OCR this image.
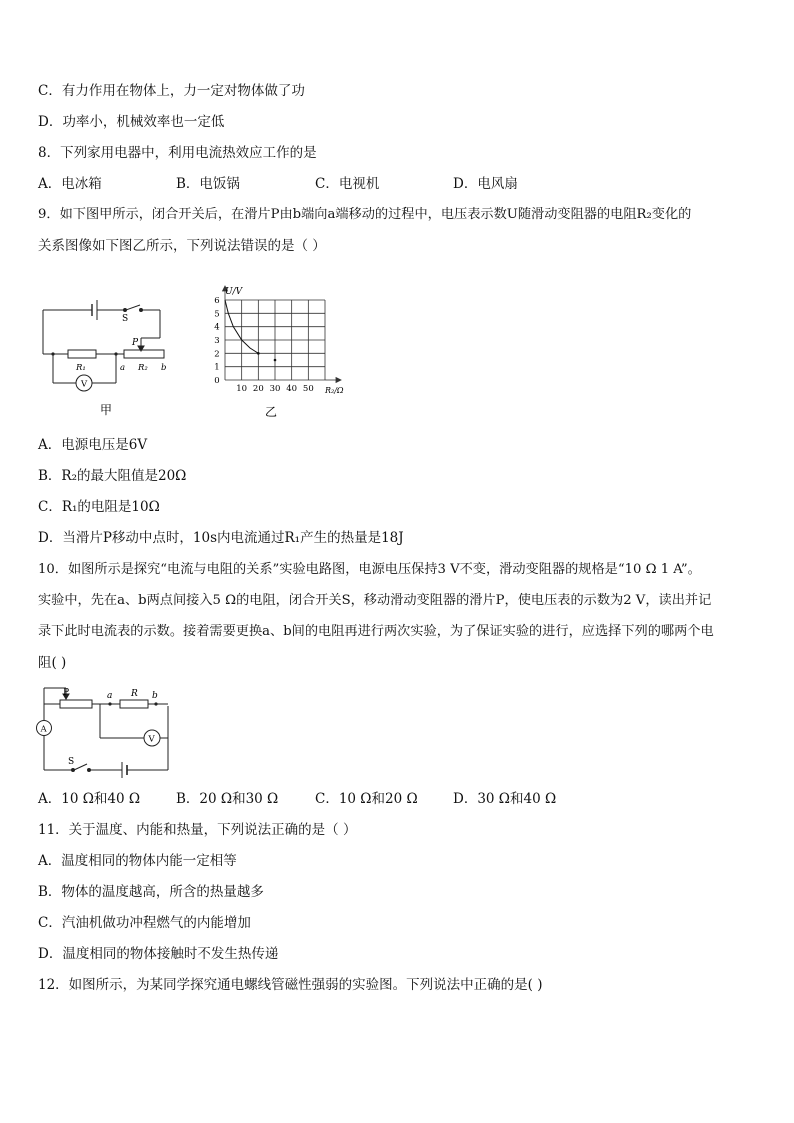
C．有力作用在物体上，力一定对物体做了功
D．功率小，机械效率也一定低
8．下列家用电器中，利用电流热效应工作的是
A．电冰箱	B．电饭锅	C．电视机	D．电风扇
9．如下图甲所示，闭合开关后，在滑片P由b端向a端移动的过程中，电压表示数U随滑动变阻器的电阻R₂变化的
关系图像如下图乙所示，下列说法错误的是（ ）
S
P
R₁	a R₂ b
V
甲
0
1
2
3
4
5
6
10 20 30 40 50
U/V
R₂/Ω
乙
A．电源电压是6V
B．R₂的最大阻值是20Ω
C．R₁的电阻是10Ω
D．当滑片P移动中点时，10s内电流通过R₁产生的热量是18J
10．如图所示是探究“电流与电阻的关系”实验电路图，电源电压保持3 V不变，滑动变阻器的规格是“10 Ω 1 A”。
实验中，先在a、b两点间接入5 Ω的电阻，闭合开关S，移动滑动变阻器的滑片P，使电压表的示数为2 V，读出并记
录下此时电流表的示数。接着需要更换a、b间的电阻再进行两次实验，为了保证实验的进行，应选择下列的哪两个电
阻( )
P	a R b
A
V
S
A．10 Ω和40 Ω	B．20 Ω和30 Ω	C．10 Ω和20 Ω	D．30 Ω和40 Ω
11．关于温度、内能和热量，下列说法正确的是（ ）
A．温度相同的物体内能一定相等
B．物体的温度越高，所含的热量越多
C．汽油机做功冲程燃气的内能增加
D．温度相同的物体接触时不发生热传递
12．如图所示，为某同学探究通电螺线管磁性强弱的实验图。下列说法中正确的是( )
